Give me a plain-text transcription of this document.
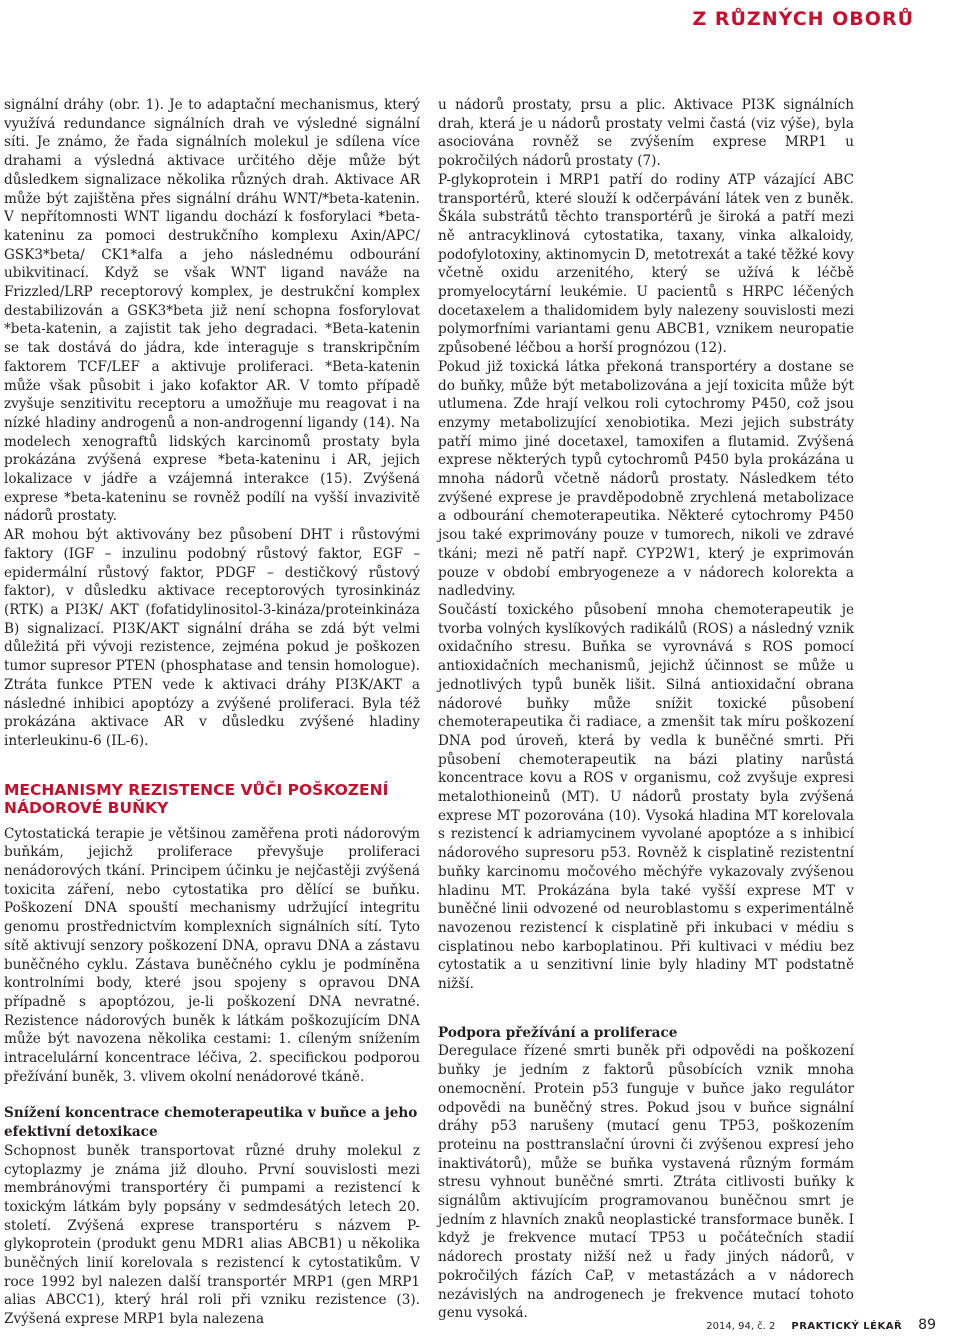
Z RŮZNÝCH OBORŮ

signální dráhy (obr. 1). Je to adaptační mechanismus, který využívá redundance signálních drah ve výsledné signální síti. Je známo, že řada signálních molekul je sdílena více drahami a výsledná aktivace určitého děje může být důsledkem signalizace několika různých drah. Aktivace AR může být zajištěna přes signální dráhu WNT/*beta-katenin. V nepřítomnosti WNT ligandu dochází k fosforylaci *beta-kateninu za pomoci destrukčního komplexu Axin/APC/ GSK3*beta/ CK1*alfa a jeho následnému odbourání ubikvitinací. Když se však WNT ligand naváže na Frizzled/LRP receptorový komplex, je destrukční komplex destabilizován a GSK3*beta již není schopna fosforylovat *beta-katenin, a zajistit tak jeho degradaci. *Beta-katenin se tak dostává do jádra, kde interaguje s transkripčním faktorem TCF/LEF a aktivuje proliferaci. *Beta-katenin může však působit i jako kofaktor AR. V tomto případě zvyšuje senzitivitu receptoru a umožňuje mu reagovat i na nízké hladiny androgenů a non-androgenní ligandy (14). Na modelech xenograftů lidských karcinomů prostaty byla prokázána zvýšená exprese *beta-kateninu i AR, jejich lokalizace v jádře a vzájemná interakce (15). Zvýšená exprese *beta-kateninu se rovněž podílí na vyšší invazivitě nádorů prostaty.

AR mohou být aktivovány bez působení DHT i růstovými faktory (IGF – inzulinu podobný růstový faktor, EGF – epidermální růstový faktor, PDGF – destičkový růstový faktor), v důsledku aktivace receptorových tyrosinkináz (RTK) a PI3K/ AKT (fofatidylinositol-3-kináza/proteinkináza B) signalizací. PI3K/AKT signální dráha se zdá být velmi důležitá při vývoji rezistence, zejména pokud je poškozen tumor supresor PTEN (phosphatase and tensin homologue). Ztráta funkce PTEN vede k aktivaci dráhy PI3K/AKT a následné inhibici apoptózy a zvýšené proliferaci. Byla též prokázána aktivace AR v důsledku zvýšené hladiny interleukinu-6 (IL-6).

MECHANISMY REZISTENCE VŮČI POŠKOZENÍ NÁDOROVÉ BUŇKY

Cytostatická terapie je většinou zaměřena proti nádorovým buňkám, jejichž proliferace převyšuje proliferaci nenádorových tkání. Principem účinku je nejčastěji zvýšená toxicita záření, nebo cytostatika pro dělící se buňku. Poškození DNA spouští mechanismy udržující integritu genomu prostřednictvím komplexních signálních sítí. Tyto sítě aktivují senzory poškození DNA, opravu DNA a zástavu buněčného cyklu. Zástava buněčného cyklu je podmíněna kontrolními body, které jsou spojeny s opravou DNA případně s apoptózou, je-li poškození DNA nevratné. Rezistence nádorových buněk k látkám poškozujícím DNA může být navozena několika cestami: 1. cíleným snížením intracelulární koncentrace léčiva, 2. specifickou podporou přežívání buněk, 3. vlivem okolní nenádorové tkáně.

Snížení koncentrace chemoterapeutika v buňce a jeho efektivní detoxikace

Schopnost buněk transportovat různé druhy molekul z cytoplazmy je známa již dlouho. První souvislosti mezi membránovými transportéry či pumpami a rezistencí k toxickým látkám byly popsány v sedmdesátých letech 20. století. Zvýšená exprese transportéru s názvem P-glykoprotein (produkt genu MDR1 alias ABCB1) u několika buněčných linií korelovala s rezistencí k cytostatikům. V roce 1992 byl nalezen další transportér MRP1 (gen MRP1 alias ABCC1), který hrál roli při vzniku rezistence (3). Zvýšená exprese MRP1 byla nalezena

u nádorů prostaty, prsu a plic. Aktivace PI3K signálních drah, která je u nádorů prostaty velmi častá (viz výše), byla asociována rovněž se zvýšením exprese MRP1 u pokročilých nádorů prostaty (7).

P-glykoprotein i MRP1 patří do rodiny ATP vázající ABC transportérů, které slouží k odčerpávání látek ven z buněk. Škála substrátů těchto transportérů je široká a patří mezi ně antracyklinová cytostatika, taxany, vinka alkaloidy, podofylotoxiny, aktinomycin D, metotrexát a také těžké kovy včetně oxidu arzenitého, který se užívá k léčbě promyelocytární leukémie. U pacientů s HRPC léčených docetaxelem a thalidomidem byly nalezeny souvislosti mezi polymorfními variantami genu ABCB1, vznikem neuropatie způsobené léčbou a horší prognózou (12).

Pokud již toxická látka překoná transportéry a dostane se do buňky, může být metabolizována a její toxicita může být utlumena. Zde hrají velkou roli cytochromy P450, což jsou enzymy metabolizující xenobiotika. Mezi jejich substráty patří mimo jiné docetaxel, tamoxifen a flutamid. Zvýšená exprese některých typů cytochromů P450 byla prokázána u mnoha nádorů včetně nádorů prostaty. Následkem této zvýšené exprese je pravděpodobně zrychlená metabolizace a odbourání chemoterapeutika. Některé cytochromy P450 jsou také exprimovány pouze v tumorech, nikoli ve zdravé tkáni; mezi ně patří např. CYP2W1, který je exprimován pouze v období embryogeneze a v nádorech kolorekta a nadledviny.

Součástí toxického působení mnoha chemoterapeutik je tvorba volných kyslíkových radikálů (ROS) a následný vznik oxidačního stresu. Buňka se vyrovnává s ROS pomocí antioxidačních mechanismů, jejichž účinnost se může u jednotlivých typů buněk lišit. Silná antioxidační obrana nádorové buňky může snížit toxické působení chemoterapeutika či radiace, a zmenšit tak míru poškození DNA pod úroveň, která by vedla k buněčné smrti. Při působení chemoterapeutik na bázi platiny narůstá koncentrace kovu a ROS v organismu, což zvyšuje expresi metalothioneinů (MT). U nádorů prostaty byla zvýšená exprese MT pozorována (10). Vysoká hladina MT korelovala s rezistencí k adriamycinem vyvolané apoptóze a s inhibicí nádorového supresoru p53. Rovněž k cisplatině rezistentní buňky karcinomu močového měchýře vykazovaly zvýšenou hladinu MT. Prokázána byla také vyšší exprese MT v buněčné linii odvozené od neuroblastomu s experimentálně navozenou rezistencí k cisplatině při inkubaci v médiu s cisplatinou nebo karboplatinou. Při kultivaci v médiu bez cytostatik a u senzitivní linie byly hladiny MT podstatně nižší.

Podpora přežívání a proliferace

Deregulace řízené smrti buněk při odpovědi na poškození buňky je jedním z faktorů působících vznik mnoha onemocnění. Protein p53 funguje v buňce jako regulátor odpovědi na buněčný stres. Pokud jsou v buňce signální dráhy p53 narušeny (mutací genu TP53, poškozením proteinu na posttranslační úrovni či zvýšenou expresí jeho inaktivátorů), může se buňka vystavená různým formám stresu vyhnout buněčné smrti. Ztráta citlivosti buňky k signálům aktivujícím programovanou buněčnou smrt je jedním z hlavních znaků neoplastické transformace buněk. I když je frekvence mutací TP53 u počátečních stadií nádorech prostaty nižší než u řady jiných nádorů, v pokročilých fázích CaP, v metastázách a v nádorech nezávislých na androgenech je frekvence mutací tohoto genu vysoká.

2014, 94, č. 2 PRAKTICKÝ LÉKAŘ 89
